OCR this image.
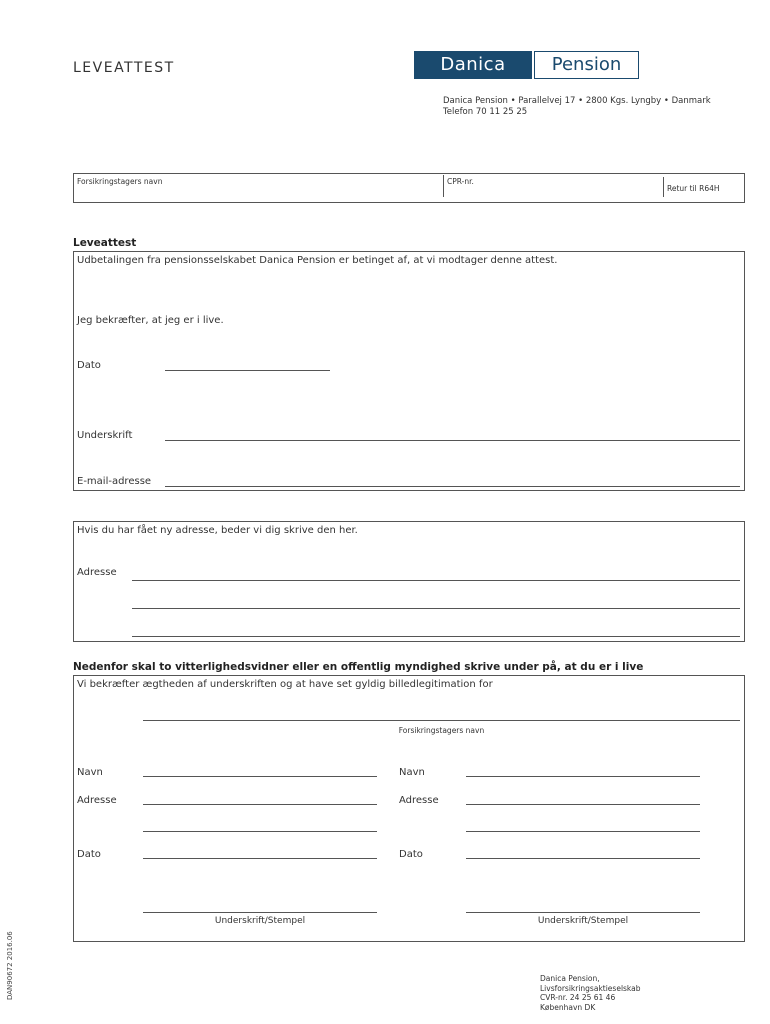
LEVEATTEST	Danica	Pension
Danica Pension • Parallelvej 17 • 2800 Kgs. Lyngby • Danmark
Telefon 70 11 25 25
Forsikringstagers navn	CPR-nr.
Retur til R64H
Leveattest
Udbetalingen fra pensionsselskabet Danica Pension er betinget af, at vi modtager denne attest.
Jeg bekræfter, at jeg er i live.
Dato
Underskrift
E-mail-adresse
Hvis du har fået ny adresse, beder vi dig skrive den her.
Adresse
Nedenfor skal to vitterlighedsvidner eller en offentlig myndighed skrive under på, at du er i live
Vi bekræfter ægtheden af underskriften og at have set gyldig billedlegitimation for
Forsikringstagers navn
Navn
Adresse
Dato
Underskrift/Stempel
Navn
Adresse
Dato
Underskrift/Stempel
Danica Pension,
Livsforsikringsaktieselskab
CVR-nr. 24 25 61 46
København DK
DAN90672 2016.06
